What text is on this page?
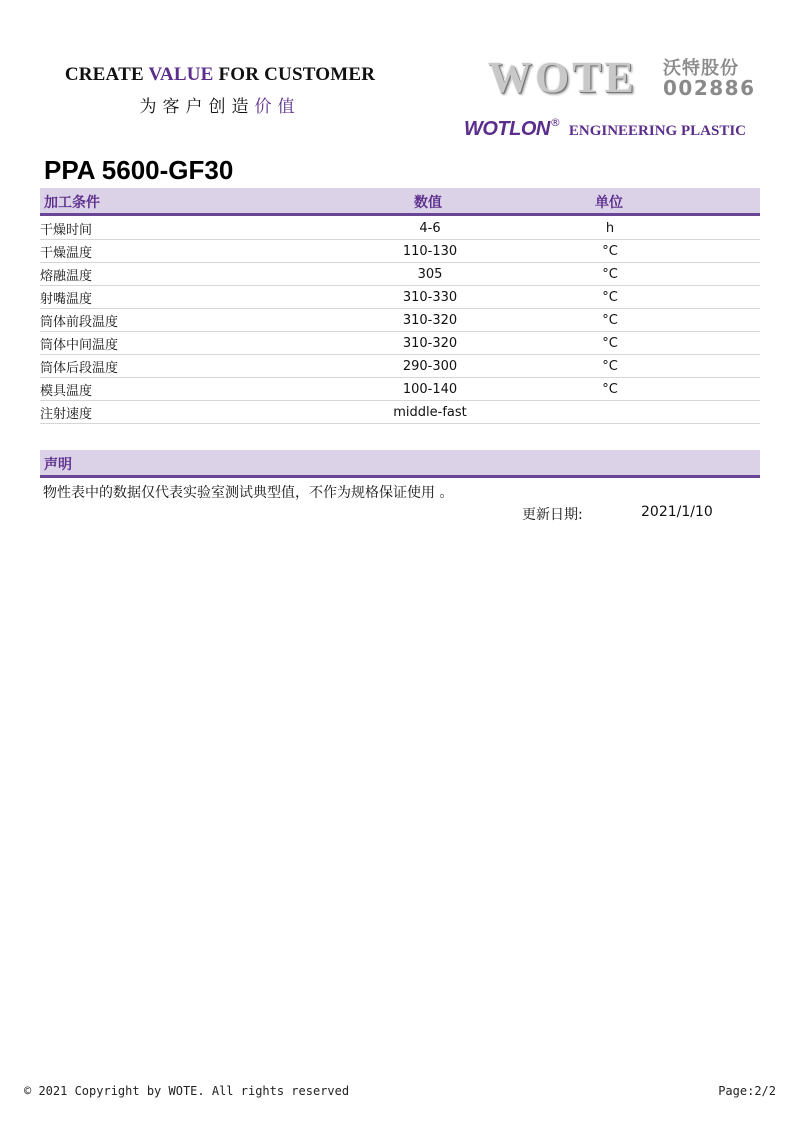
CREATE VALUE FOR CUSTOMER
为客户创造价值
WOTE 沃特股份
002886
WOTLON®ENGINEERING PLASTIC
PPA 5600-GF30
加工条件	数值	单位
干燥时间	4-6	h	
干燥温度	110-130	°C	
熔融温度	305	°C	
射嘴温度	310-330	°C	
筒体前段温度	310-320	°C	
筒体中间温度	310-320	°C	
筒体后段温度	290-300	°C	
模具温度	100-140	°C	
注射速度	middle-fast		
声明
物性表中的数据仅代表实验室测试典型值，不作为规格保证使用 。
更新日期:	2021/1/10
© 2021 Copyright by WOTE. All rights reserved	Page:2/2
